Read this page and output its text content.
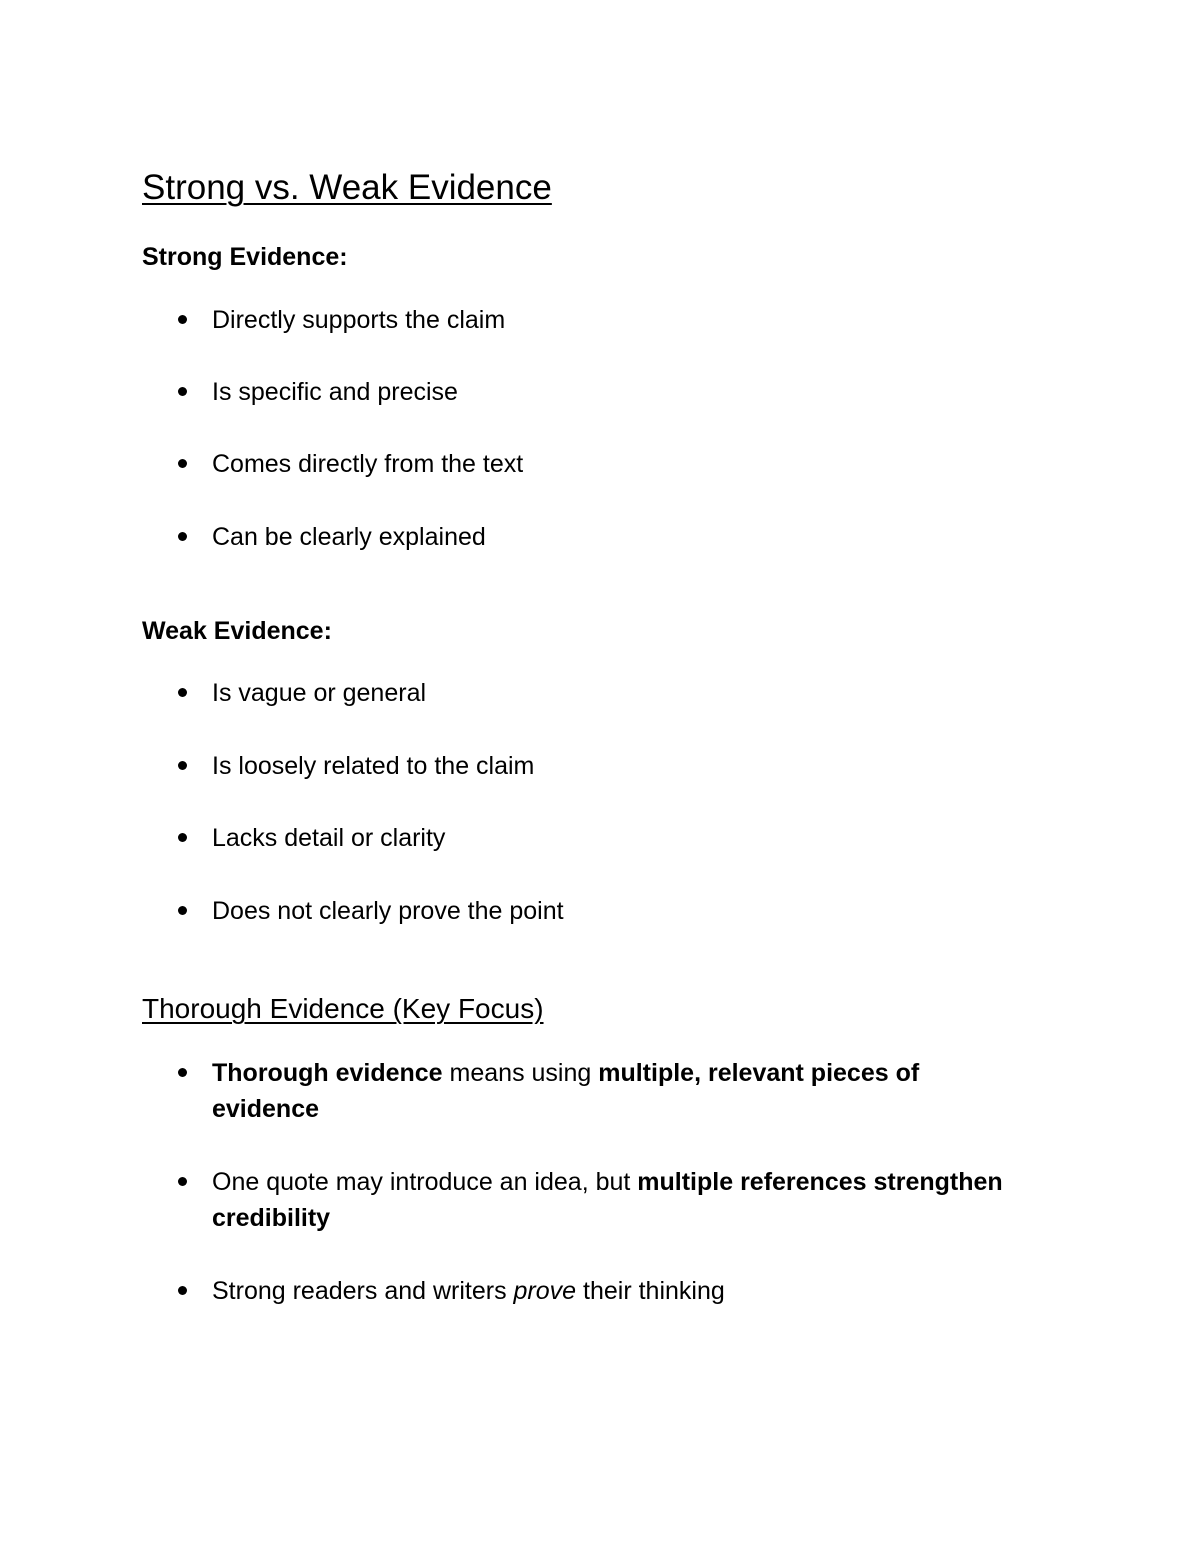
Strong vs. Weak Evidence
Strong Evidence:
Directly supports the claim
Is specific and precise
Comes directly from the text
Can be clearly explained
Weak Evidence:
Is vague or general
Is loosely related to the claim
Lacks detail or clarity
Does not clearly prove the point
Thorough Evidence (Key Focus)
Thorough evidence means using multiple, relevant pieces of evidence
One quote may introduce an idea, but multiple references strengthen credibility
Strong readers and writers prove their thinking
